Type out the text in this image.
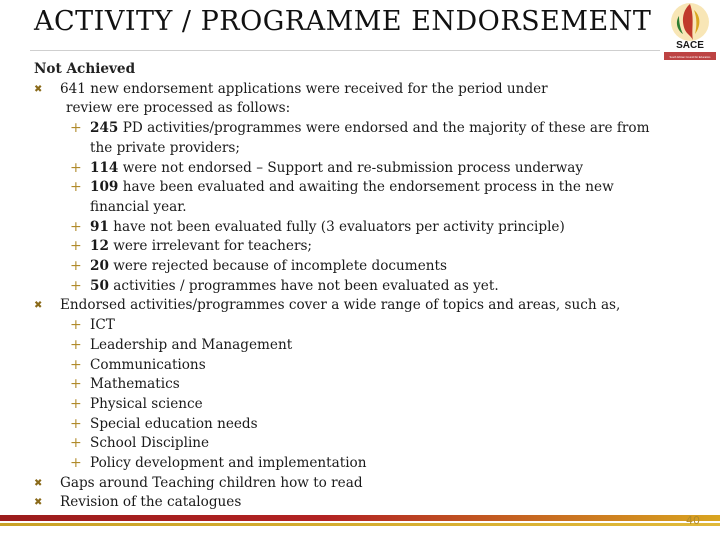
ACTIVITY / PROGRAMME ENDORSEMENT
SACE
South African Council for Educators
Not Achieved
✖ 641 new endorsement applications were received for the period under
review ere processed as follows:
+ 245 PD activities/programmes were endorsed and the majority of these are from
the private providers;
+ 114 were not endorsed – Support and re-submission process underway
+ 109 have been evaluated and awaiting the endorsement process in the new
financial year.
+ 91 have not been evaluated fully (3 evaluators per activity principle)
+ 12 were irrelevant for teachers;
+ 20 were rejected because of incomplete documents
+ 50 activities / programmes have not been evaluated as yet.
✖ Endorsed activities/programmes cover a wide range of topics and areas, such as,
+ ICT
+ Leadership and Management
+ Communications
+ Mathematics
+ Physical science
+ Special education needs
+ School Discipline
+ Policy development and implementation
✖ Gaps around Teaching children how to read
✖ Revision of the catalogues
40
